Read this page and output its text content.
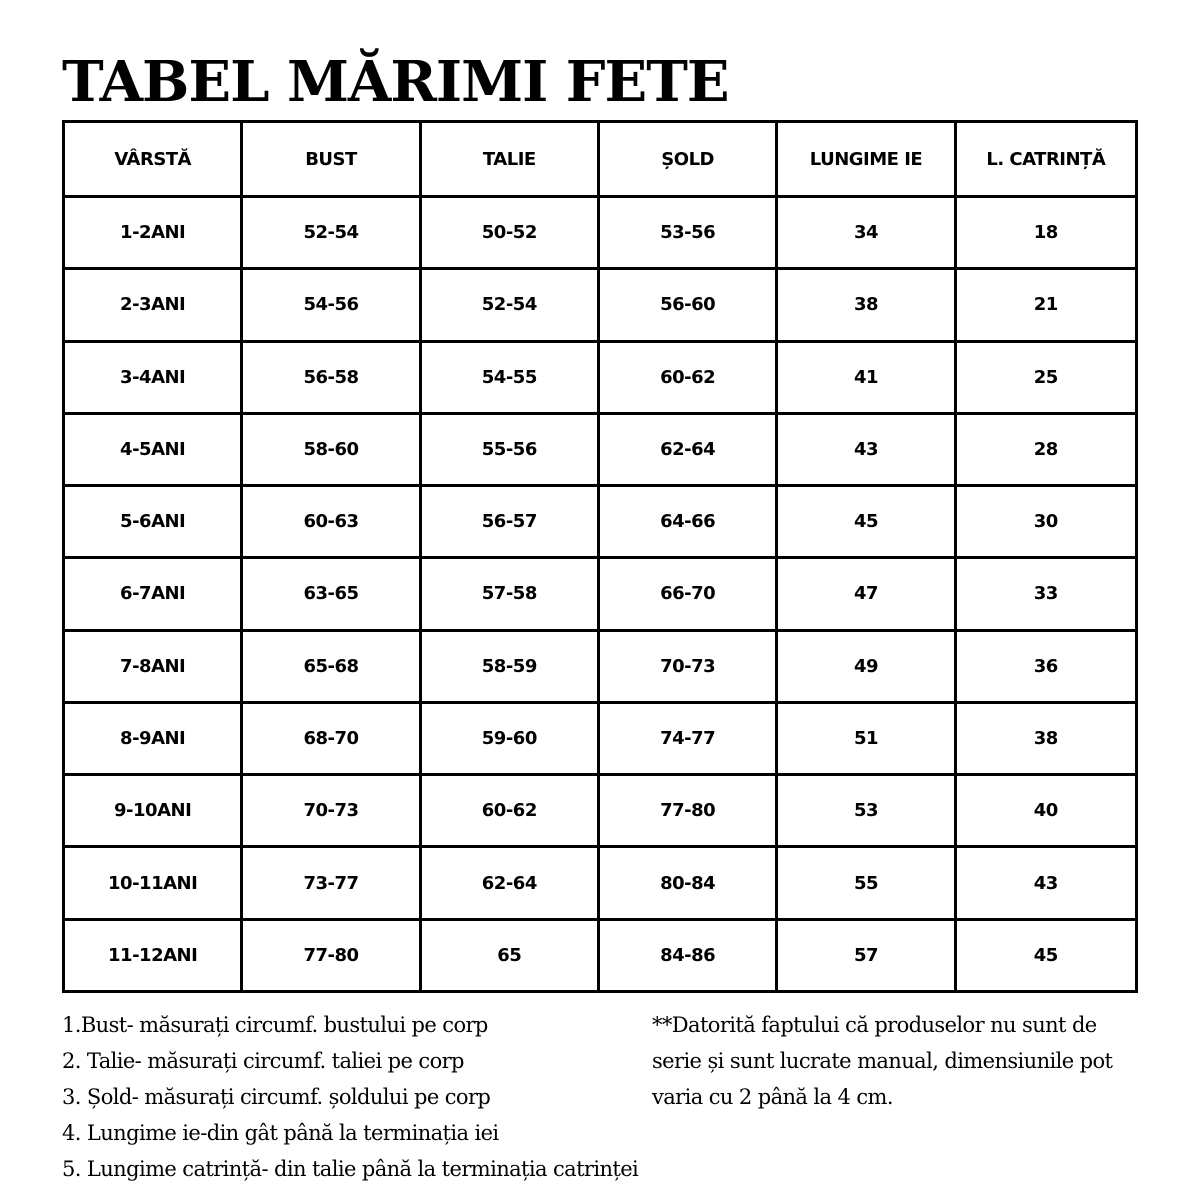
TABEL MĂRIMI FETE
VÂRSTĂ	BUST	TALIE	ȘOLD	LUNGIME IE	L. CATRINȚĂ
1-2ANI	52-54	50-52	53-56	34	18
2-3ANI	54-56	52-54	56-60	38	21
3-4ANI	56-58	54-55	60-62	41	25
4-5ANI	58-60	55-56	62-64	43	28
5-6ANI	60-63	56-57	64-66	45	30
6-7ANI	63-65	57-58	66-70	47	33
7-8ANI	65-68	58-59	70-73	49	36
8-9ANI	68-70	59-60	74-77	51	38
9-10ANI	70-73	60-62	77-80	53	40
10-11ANI	73-77	62-64	80-84	55	43
11-12ANI	77-80	65	84-86	57	45
1.Bust- măsurați circumf. bustului pe corp
2. Talie- măsurați circumf. taliei pe corp
3. Șold- măsurați circumf. șoldului pe corp
4. Lungime ie-din gât până la terminația iei
5. Lungime catrință- din talie până la terminația catrinței

**Datorită faptului că produselor nu sunt de serie și sunt lucrate manual, dimensiunile pot varia cu 2 până la 4 cm.
